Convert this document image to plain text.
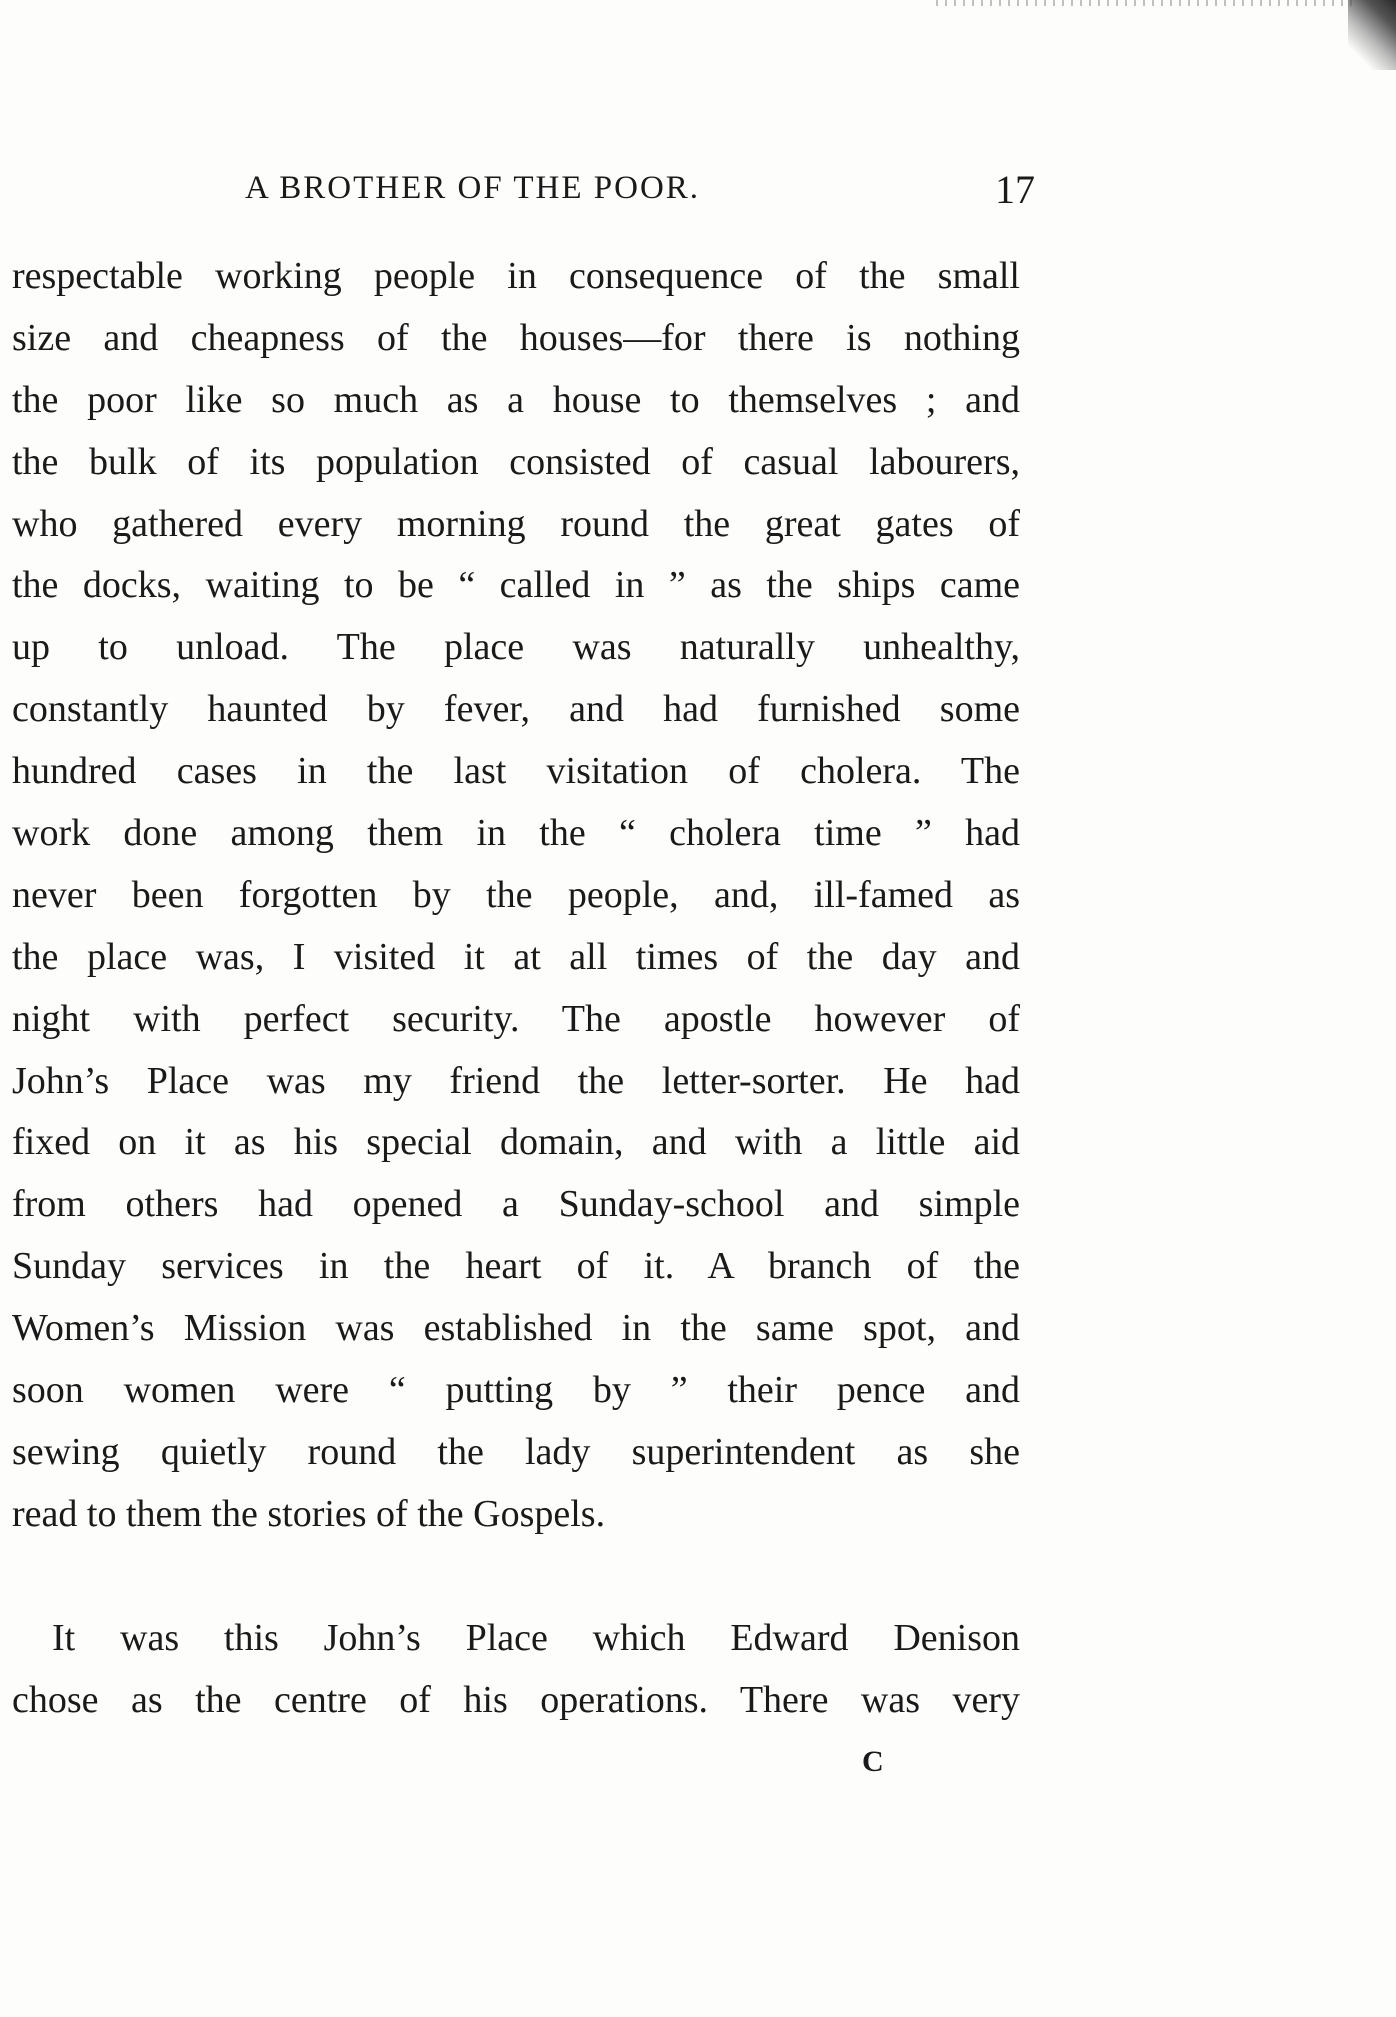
A BROTHER OF THE POOR.	17
respectable working people in consequence of the small
size and cheapness of the houses—for there is nothing
the poor like so much as a house to themselves ; and
the bulk of its population consisted of casual labourers,
who gathered every morning round the great gates of
the docks, waiting to be “ called in ” as the ships came
up to unload. The place was naturally unhealthy,
constantly haunted by fever, and had furnished some
hundred cases in the last visitation of cholera. The
work done among them in the “ cholera time ” had
never been forgotten by the people, and, ill-famed as
the place was, I visited it at all times of the day and
night with perfect security. The apostle however of
John’s Place was my friend the letter-sorter. He had
fixed on it as his special domain, and with a little aid
from others had opened a Sunday-school and simple
Sunday services in the heart of it. A branch of the
Women’s Mission was established in the same spot, and
soon women were “ putting by ” their pence and
sewing quietly round the lady superintendent as she
read to them the stories of the Gospels.
It was this John’s Place which Edward Denison
chose as the centre of his operations. There was very
C
